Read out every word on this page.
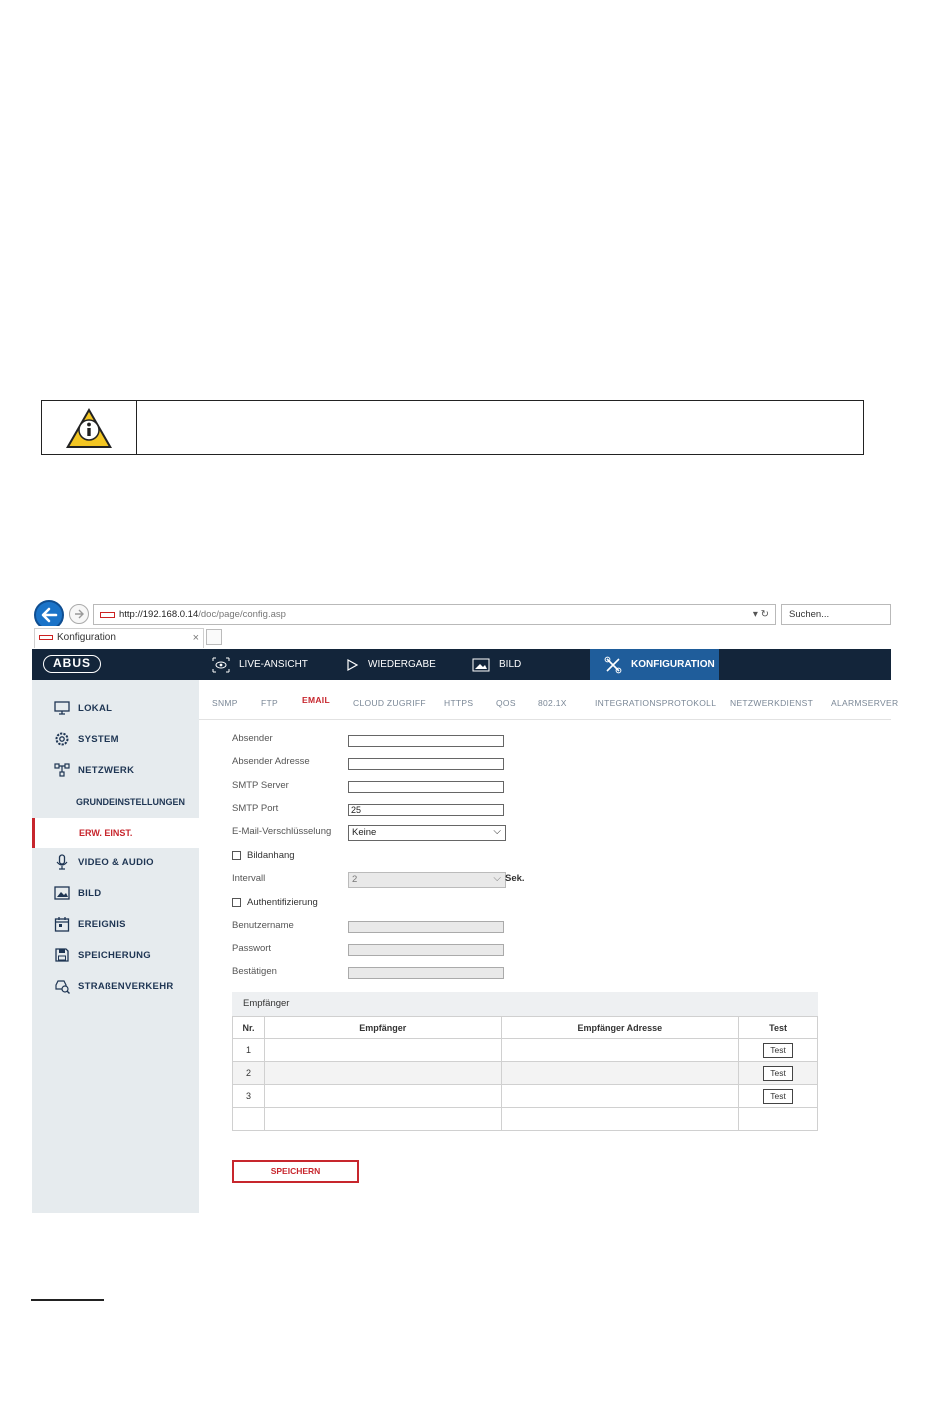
http://192.168.0.14 /doc/page/config.asp	▾ ↻	Suchen...
Konfiguration	×
ABUS	LIVE-ANSICHT	WIEDERGABE	BILD	KONFIGURATION
LOKAL
SYSTEM
NETZWERK
GRUNDEINSTELLUNGEN
ERW. EINST.
VIDEO & AUDIO
BILD
EREIGNIS
SPEICHERUNG
STRAßENVERKEHR
SNMP	FTP	EMAIL	CLOUD ZUGRIFF HTTPS	QOS	802.1X	INTEGRATIONSPROTOKOLL NETZWERKDIENST ALARMSERVER
Absender
Absender Adresse
SMTP Server
SMTP Port	25
E-Mail-Verschlüsselung	Keine	⌵
Bildanhang
Intervall	2	⌵ Sek.
Authentifizierung
Benutzername
Passwort
Bestätigen
Empfänger
Nr.	Empfänger	Empfänger Adresse	Test
1			Test
2			Test
3			Test

SPEICHERN
